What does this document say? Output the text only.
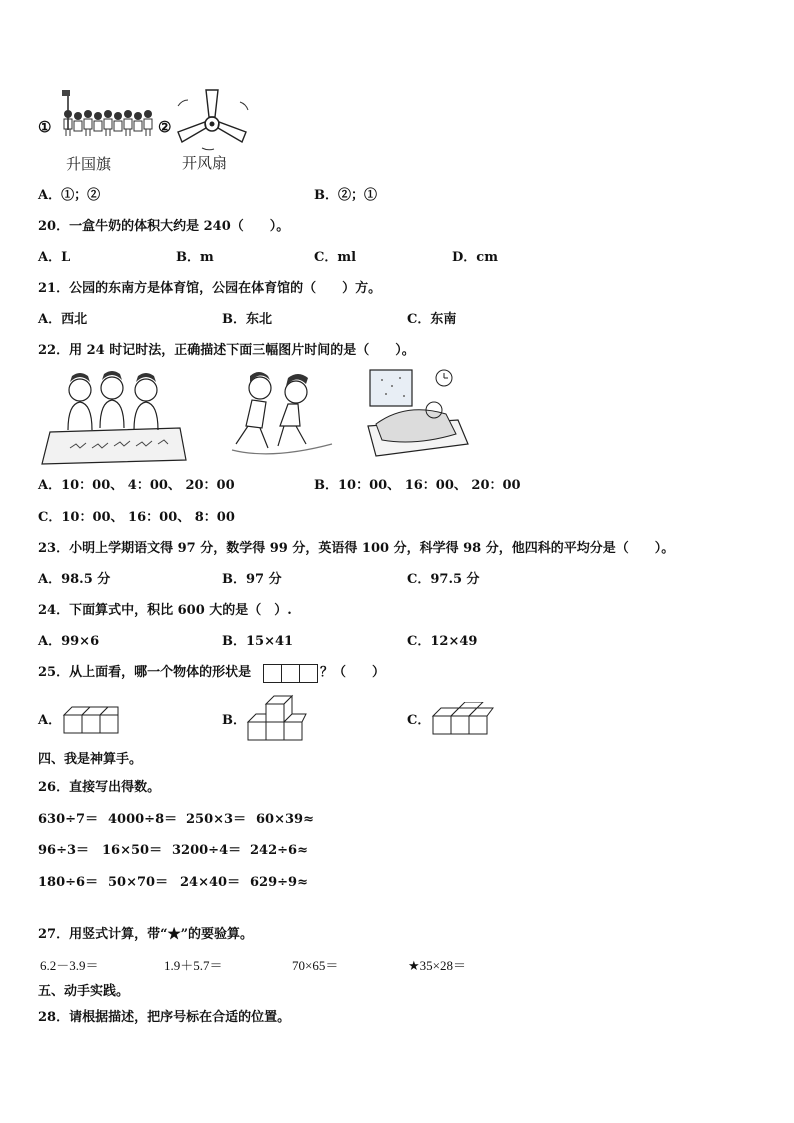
①
升国旗
②
开风扇
A．①；②	B．②；①
20．一盒牛奶的体积大约是 240（　　）。
A．L	B．m	C．ml	D．cm
21．公园的东南方是体育馆，公园在体育馆的（　　）方。
A．西北	B．东北	C．东南
22．用 24 时记时法，正确描述下面三幅图片时间的是（　　）。
A．10：00、 4：00、 20：00	B．10：00、 16：00、 20：00
C．10：00、 16：00、 8：00
23．小明上学期语文得 97 分，数学得 99 分，英语得 100 分，科学得 98 分，他四科的平均分是（　　）。
A．98.5 分	B．97 分	C．97.5 分
24．下面算式中，积比 600 大的是（　）.
A．99×6	B．15×41	C．12×49
25．从上面看，哪一个物体的形状是	？（　　）
A．	B．	C．
四、我是神算手。
26．直接写出得数。
630÷7＝ 4000÷8＝ 250×3＝ 60×39≈
96÷3＝ 16×50＝ 3200÷4＝ 242÷6≈
180÷6＝ 50×70＝ 24×40＝ 629÷9≈
27．用竖式计算，带“★”的要验算。
6.2－3.9＝	1.9＋5.7＝	70×65＝	★35×28＝
五、动手实践。
28．请根据描述，把序号标在合适的位置。
